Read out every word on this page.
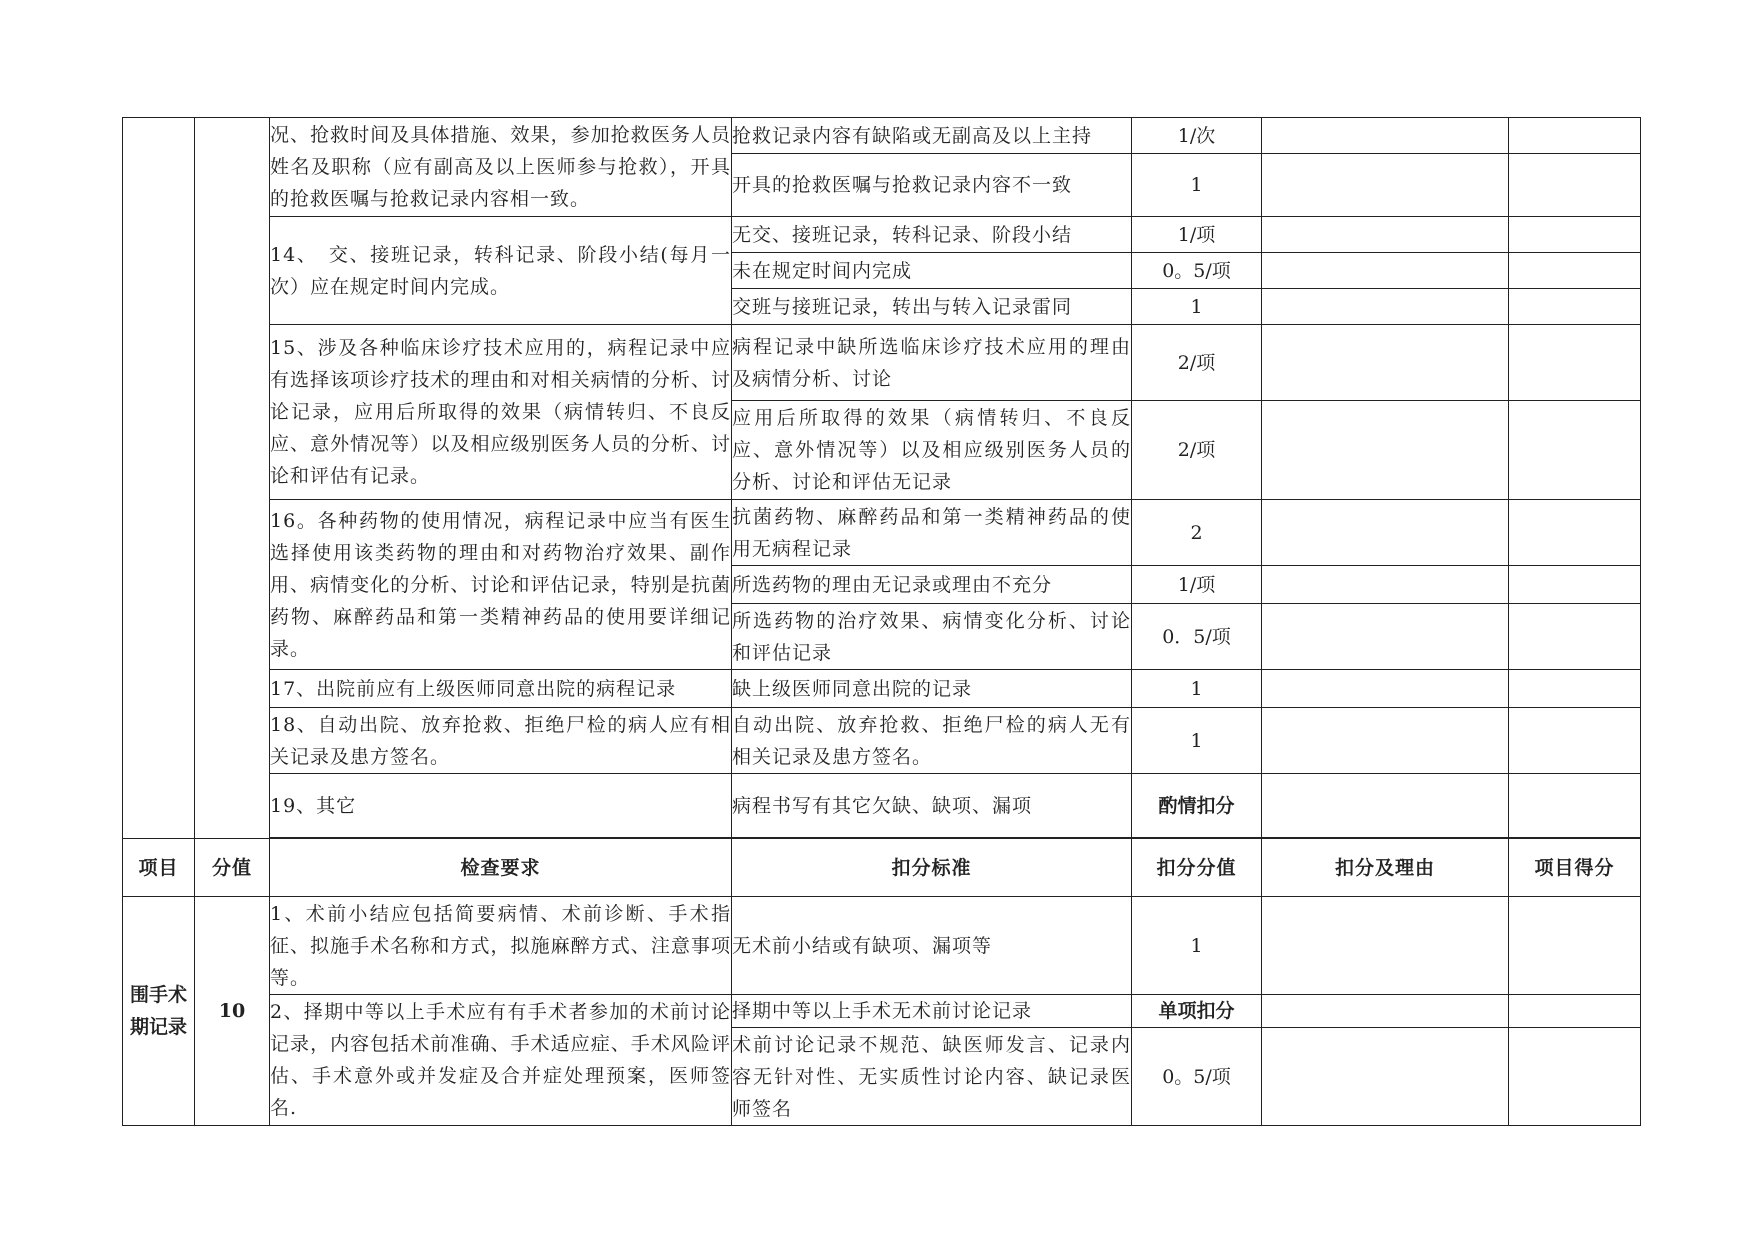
		况、抢救时间及具体措施、效果，参加抢救医务人员姓名及职称（应有副高及以上医师参与抢救），开具的抢救医嘱与抢救记录内容相一致。	抢救记录内容有缺陷或无副高及以上主持	1/次		
			开具的抢救医嘱与抢救记录内容不一致	1		
		14、　交、接班记录，转科记录、阶段小结(每月一次）应在规定时间内完成。	无交、接班记录，转科记录、阶段小结	1/项		
			未在规定时间内完成	0。5/项		
			交班与接班记录，转出与转入记录雷同	1		
		15、涉及各种临床诊疗技术应用的，病程记录中应有选择该项诊疗技术的理由和对相关病情的分析、讨论记录，应用后所取得的效果（病情转归、不良反应、意外情况等）以及相应级别医务人员的分析、讨论和评估有记录。	病程记录中缺所选临床诊疗技术应用的理由及病情分析、讨论	2/项		
			应用后所取得的效果（病情转归、不良反应、意外情况等）以及相应级别医务人员的分析、讨论和评估无记录	2/项		
		16。各种药物的使用情况，病程记录中应当有医生选择使用该类药物的理由和对药物治疗效果、副作用、病情变化的分析、讨论和评估记录，特别是抗菌药物、麻醉药品和第一类精神药品的使用要详细记录。	抗菌药物、麻醉药品和第一类精神药品的使用无病程记录	2		
			所选药物的理由无记录或理由不充分	1/项		
			所选药物的治疗效果、病情变化分析、讨论和评估记录	0．5/项		
		17、出院前应有上级医师同意出院的病程记录	缺上级医师同意出院的记录	1		
		18、自动出院、放弃抢救、拒绝尸检的病人应有相关记录及患方签名。	自动出院、放弃抢救、拒绝尸检的病人无有相关记录及患方签名。	1		
		19、其它	病程书写有其它欠缺、缺项、漏项	酌情扣分		

项目	分值	检查要求	扣分标准	扣分分值	扣分及理由	项目得分
围手术期记录	10	1、术前小结应包括简要病情、术前诊断、手术指征、拟施手术名称和方式，拟施麻醉方式、注意事项等。	无术前小结或有缺项、漏项等	1		
		2、择期中等以上手术应有有手术者参加的术前讨论记录，内容包括术前准确、手术适应症、手术风险评估、手术意外或并发症及合并症处理预案，医师签名.	择期中等以上手术无术前讨论记录	单项扣分		
			术前讨论记录不规范、缺医师发言、记录内容无针对性、无实质性讨论内容、缺记录医师签名	0。5/项		
